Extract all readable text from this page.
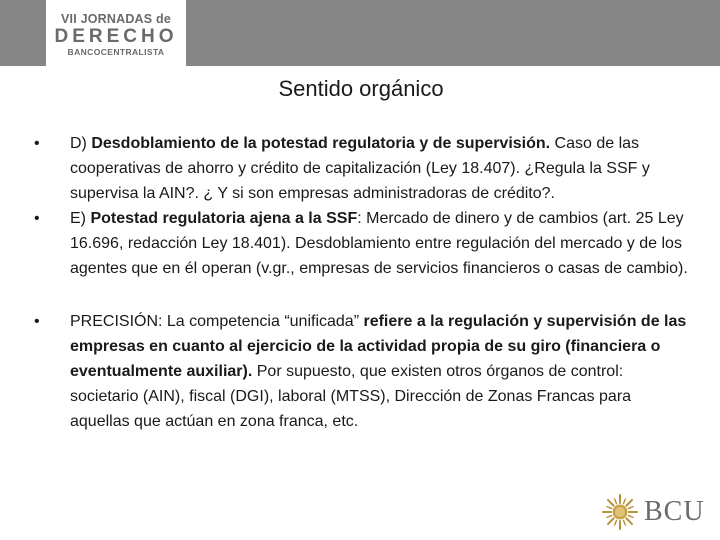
VII JORNADAS de
DERECHO
BANCOCENTRALISTA
Sentido orgánico
• D) Desdoblamiento de la potestad regulatoria y de supervisión. Caso de las cooperativas de ahorro y crédito de capitalización (Ley 18.407). ¿Regula la SSF y supervisa la AIN?. ¿ Y si son empresas administradoras de crédito?.
• E) Potestad regulatoria ajena a la SSF: Mercado de dinero y de cambios (art. 25 Ley 16.696, redacción Ley 18.401). Desdoblamiento entre regulación del mercado y de los agentes que en él operan (v.gr., empresas de servicios financieros o casas de cambio).
• PRECISIÓN: La competencia “unificada” refiere a la regulación y supervisión de las empresas en cuanto al ejercicio de la actividad propia de su giro (financiera o eventualmente auxiliar). Por supuesto, que existen otros órganos de control: societario (AIN), fiscal (DGI), laboral (MTSS), Dirección de Zonas Francas para aquellas que actúan en zona franca, etc.
BCU
